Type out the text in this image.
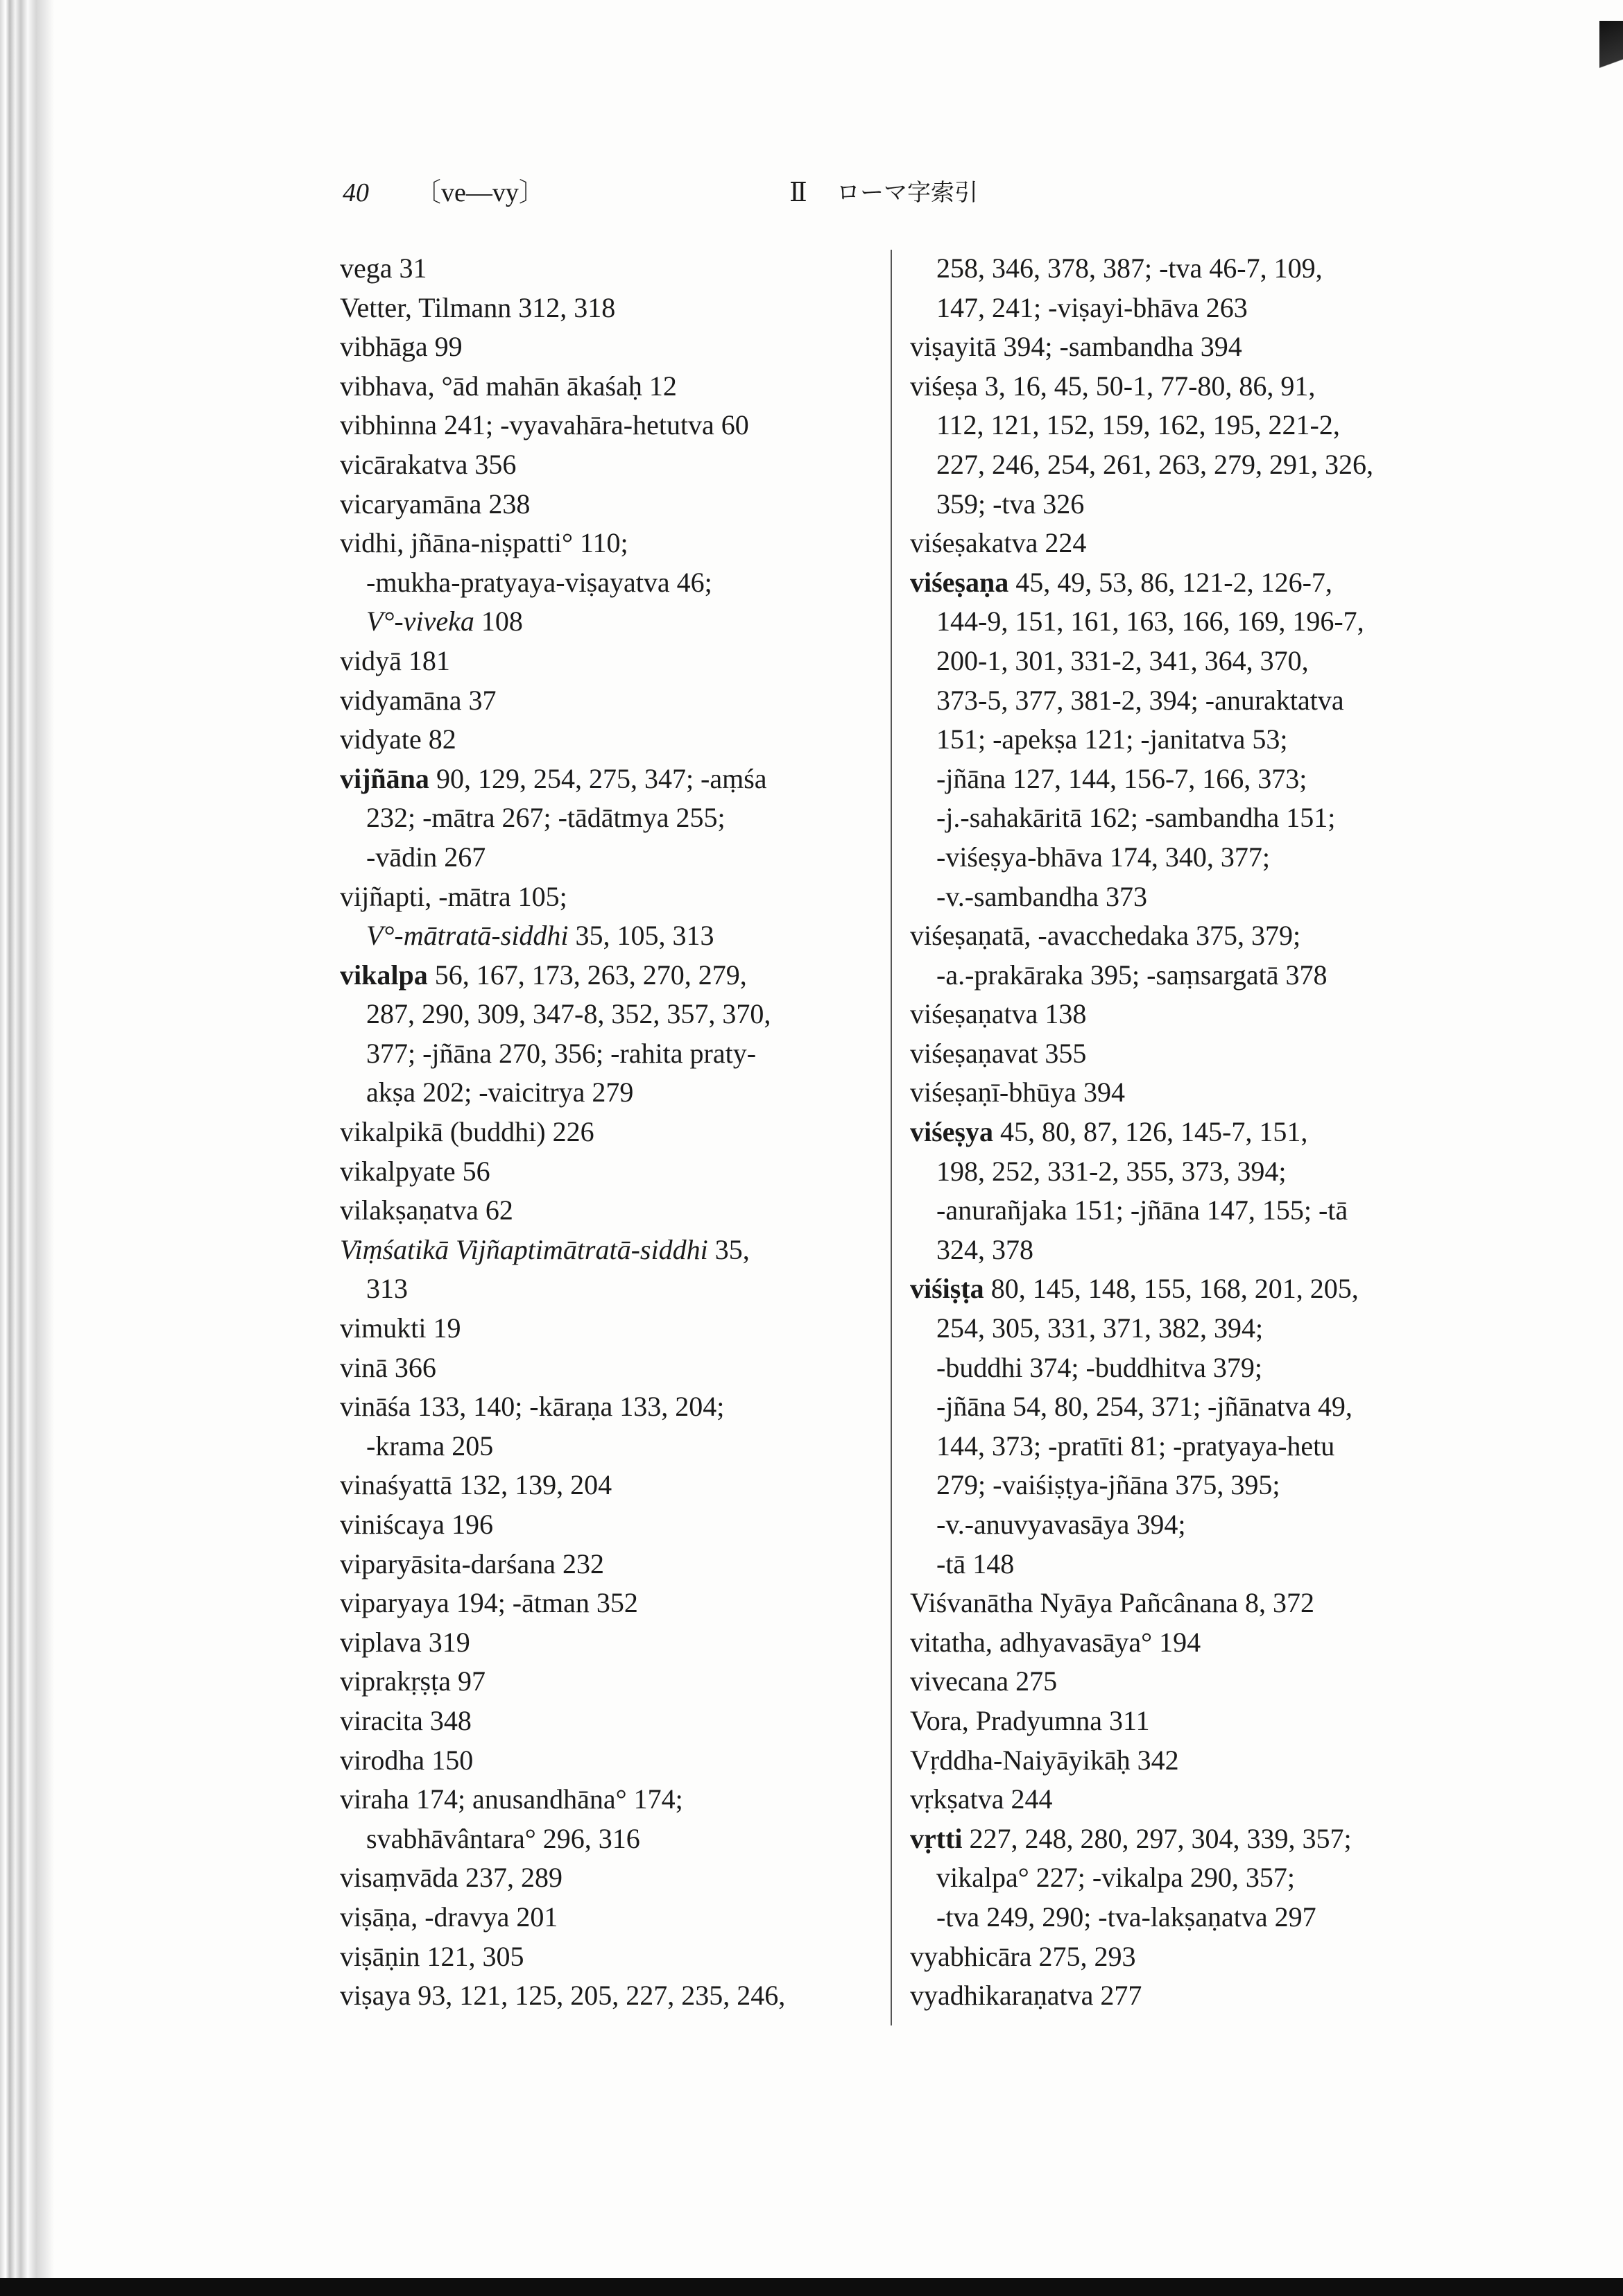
40 〔ve—vy〕	Ⅱ ローマ字索引
vega 31
Vetter, Tilmann 312, 318
vibhāga 99
vibhava, °ād mahān ākaśaḥ 12
vibhinna 241; -vyavahāra-hetutva 60
vicārakatva 356
vicaryamāna 238
vidhi, jñāna-niṣpatti° 110;
-mukha-pratyaya-viṣayatva 46;
V°-viveka 108
vidyā 181
vidyamāna 37
vidyate 82
vijñāna 90, 129, 254, 275, 347; -aṃśa
232; -mātra 267; -tādātmya 255;
-vādin 267
vijñapti, -mātra 105;
V°-mātratā-siddhi 35, 105, 313
vikalpa 56, 167, 173, 263, 270, 279,
287, 290, 309, 347-8, 352, 357, 370,
377; -jñāna 270, 356; -rahita praty-
akṣa 202; -vaicitrya 279
vikalpikā (buddhi) 226
vikalpyate 56
vilakṣaṇatva 62
Viṃśatikā Vijñaptimātratā-siddhi 35,
313
vimukti 19
vinā 366
vināśa 133, 140; -kāraṇa 133, 204;
-krama 205
vinaśyattā 132, 139, 204
viniścaya 196
viparyāsita-darśana 232
viparyaya 194; -ātman 352
viplava 319
viprakṛṣṭa 97
viracita 348
virodha 150
viraha 174; anusandhāna° 174;
svabhāvântara° 296, 316
visaṃvāda 237, 289
viṣāṇa, -dravya 201
viṣāṇin 121, 305
viṣaya 93, 121, 125, 205, 227, 235, 246,
258, 346, 378, 387; -tva 46-7, 109,
147, 241; -viṣayi-bhāva 263
viṣayitā 394; -sambandha 394
viśeṣa 3, 16, 45, 50-1, 77-80, 86, 91,
112, 121, 152, 159, 162, 195, 221-2,
227, 246, 254, 261, 263, 279, 291, 326,
359; -tva 326
viśeṣakatva 224
viśeṣaṇa 45, 49, 53, 86, 121-2, 126-7,
144-9, 151, 161, 163, 166, 169, 196-7,
200-1, 301, 331-2, 341, 364, 370,
373-5, 377, 381-2, 394; -anuraktatva
151; -apekṣa 121; -janitatva 53;
-jñāna 127, 144, 156-7, 166, 373;
-j.-sahakāritā 162; -sambandha 151;
-viśeṣya-bhāva 174, 340, 377;
-v.-sambandha 373
viśeṣaṇatā, -avacchedaka 375, 379;
-a.-prakāraka 395; -saṃsargatā 378
viśeṣaṇatva 138
viśeṣaṇavat 355
viśeṣaṇī-bhūya 394
viśeṣya 45, 80, 87, 126, 145-7, 151,
198, 252, 331-2, 355, 373, 394;
-anurañjaka 151; -jñāna 147, 155; -tā
324, 378
viśiṣṭa 80, 145, 148, 155, 168, 201, 205,
254, 305, 331, 371, 382, 394;
-buddhi 374; -buddhitva 379;
-jñāna 54, 80, 254, 371; -jñānatva 49,
144, 373; -pratīti 81; -pratyaya-hetu
279; -vaiśiṣṭya-jñāna 375, 395;
-v.-anuvyavasāya 394;
-tā 148
Viśvanātha Nyāya Pañcânana 8, 372
vitatha, adhyavasāya° 194
vivecana 275
Vora, Pradyumna 311
Vṛddha-Naiyāyikāḥ 342
vṛkṣatva 244
vṛtti 227, 248, 280, 297, 304, 339, 357;
vikalpa° 227; -vikalpa 290, 357;
-tva 249, 290; -tva-lakṣaṇatva 297
vyabhicāra 275, 293
vyadhikaraṇatva 277
